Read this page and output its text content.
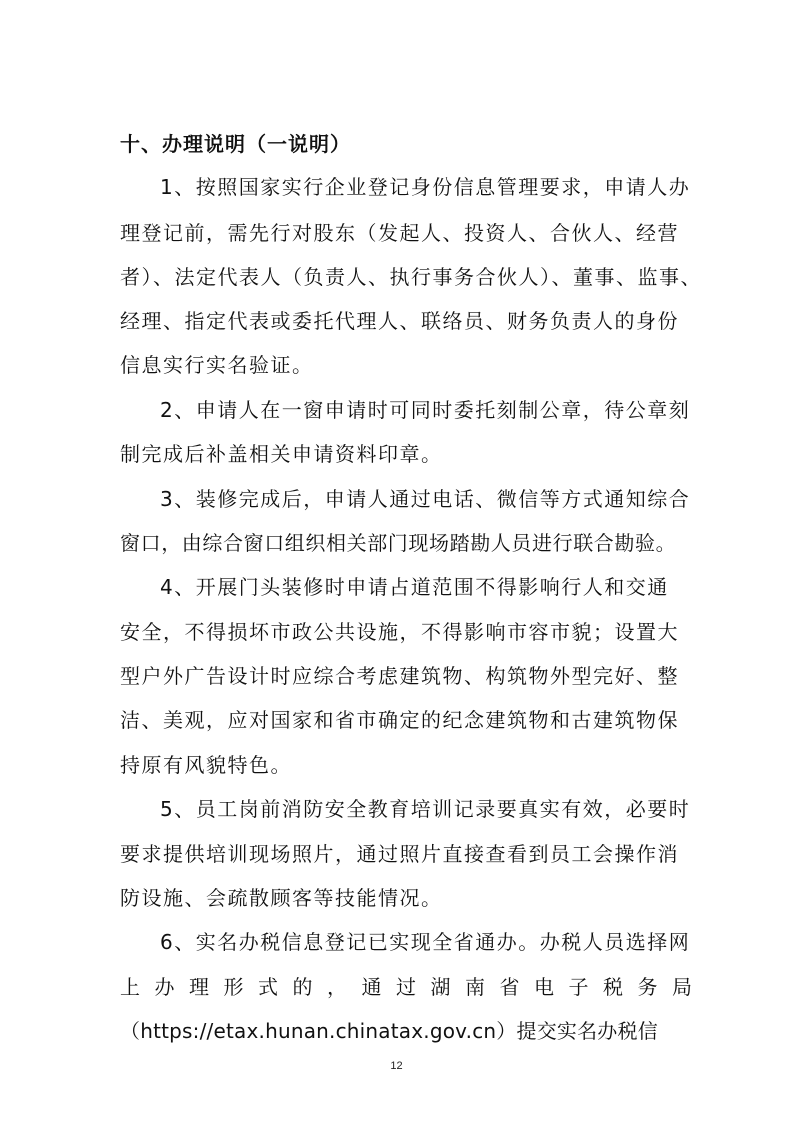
十、办理说明（一说明）
1、按照国家实行企业登记身份信息管理要求，申请人办
理登记前，需先行对股东（发起人、投资人、合伙人、经营
者）、法定代表人（负责人、执行事务合伙人）、董事、监事、
经理、指定代表或委托代理人、联络员、财务负责人的身份
信息实行实名验证。
2、申请人在一窗申请时可同时委托刻制公章，待公章刻
制完成后补盖相关申请资料印章。
3、装修完成后，申请人通过电话、微信等方式通知综合
窗口，由综合窗口组织相关部门现场踏勘人员进行联合勘验。
4、开展门头装修时申请占道范围不得影响行人和交通
安全，不得损坏市政公共设施，不得影响市容市貌；设置大
型户外广告设计时应综合考虑建筑物、构筑物外型完好、整
洁、美观，应对国家和省市确定的纪念建筑物和古建筑物保
持原有风貌特色。
5、员工岗前消防安全教育培训记录要真实有效，必要时
要求提供培训现场照片，通过照片直接查看到员工会操作消
防设施、会疏散顾客等技能情况。
6、实名办税信息登记已实现全省通办。办税人员选择网
上办理形式的，通过湖南省电子税务局
（https://etax.hunan.chinatax.gov.cn）提交实名办税信
12
